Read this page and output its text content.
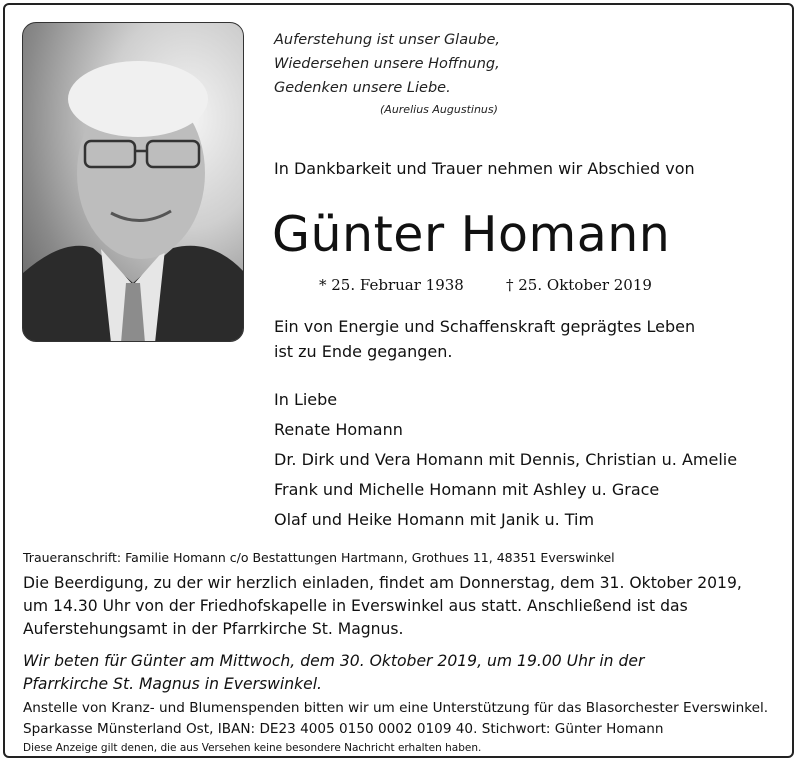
Auferstehung ist unser Glaube,
Wiedersehen unsere Hoffnung,
Gedenken unsere Liebe.
(Aurelius Augustinus)
In Dankbarkeit und Trauer nehmen wir Abschied von
Günter Homann
* 25. Februar 1938	† 25. Oktober 2019
Ein von Energie und Schaffenskraft geprägtes Leben
ist zu Ende gegangen.
In Liebe
Renate Homann
Dr. Dirk und Vera Homann mit Dennis, Christian u. Amelie
Frank und Michelle Homann mit Ashley u. Grace
Olaf und Heike Homann mit Janik u. Tim
Traueranschrift: Familie Homann c/o Bestattungen Hartmann, Grothues 11, 48351 Everswinkel
Die Beerdigung, zu der wir herzlich einladen, findet am Donnerstag, dem 31. Oktober 2019,
um 14.30 Uhr von der Friedhofskapelle in Everswinkel aus statt. Anschließend ist das
Auferstehungsamt in der Pfarrkirche St. Magnus.
Wir beten für Günter am Mittwoch, dem 30. Oktober 2019, um 19.00 Uhr in der
Pfarrkirche St. Magnus in Everswinkel.
Anstelle von Kranz- und Blumenspenden bitten wir um eine Unterstützung für das Blasorchester Everswinkel.
Sparkasse Münsterland Ost, IBAN: DE23 4005 0150 0002 0109 40. Stichwort: Günter Homann
Diese Anzeige gilt denen, die aus Versehen keine besondere Nachricht erhalten haben.
